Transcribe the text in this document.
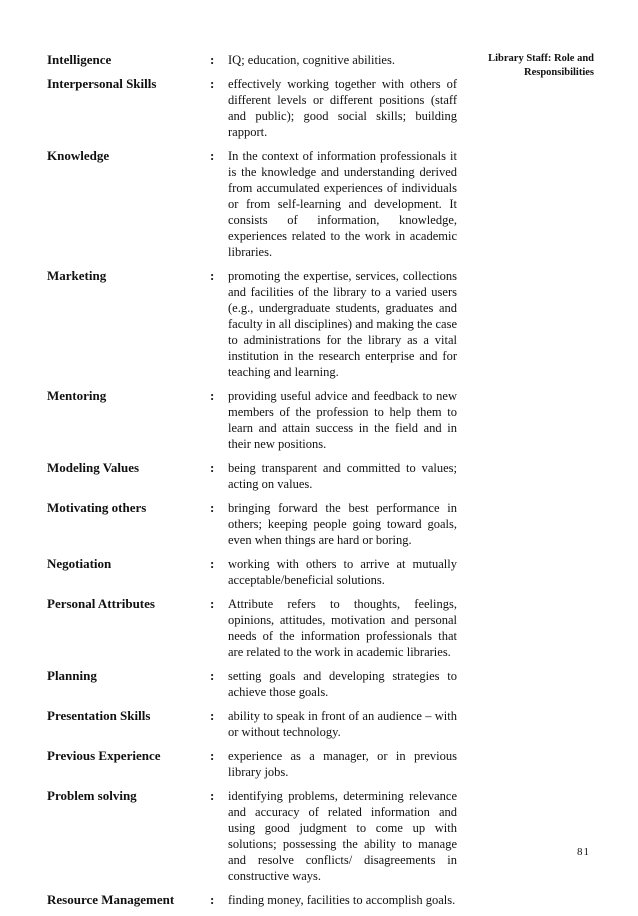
Library Staff: Role and Responsibilities
Intelligence	:	IQ; education, cognitive abilities.
Interpersonal Skills	:	effectively working together with others of different levels or different positions (staff and public); good social skills; building rapport.
Knowledge	:	In the context of information professionals it is the knowledge and understanding derived from accumulated experiences of individuals or from self-learning and development. It consists of information, knowledge, experiences related to the work in academic libraries.
Marketing	:	promoting the expertise, services, collections and facilities of the library to a varied users (e.g., undergraduate students, graduates and faculty in all disciplines) and making the case to administrations for the library as a vital institution in the research enterprise and for teaching and learning.
Mentoring	:	providing useful advice and feedback to new members of the profession to help them to learn and attain success in the field and in their new positions.
Modeling Values	:	being transparent and committed to values; acting on values.
Motivating others	:	bringing forward the best performance in others; keeping people going toward goals, even when things are hard or boring.
Negotiation	:	working with others to arrive at mutually acceptable/beneficial solutions.
Personal Attributes	:	Attribute refers to thoughts, feelings, opinions, attitudes, motivation and personal needs of the information professionals that are related to the work in academic libraries.
Planning	:	setting goals and developing strategies to achieve those goals.
Presentation Skills	:	ability to speak in front of an audience – with or without technology.
Previous Experience	:	experience as a manager, or in previous library jobs.
Problem solving	:	identifying problems, determining relevance and accuracy of related information and using good judgment to come up with solutions; possessing the ability to manage and resolve conflicts/ disagreements in constructive ways.
Resource Management	:	finding money, facilities to accomplish goals.
81
